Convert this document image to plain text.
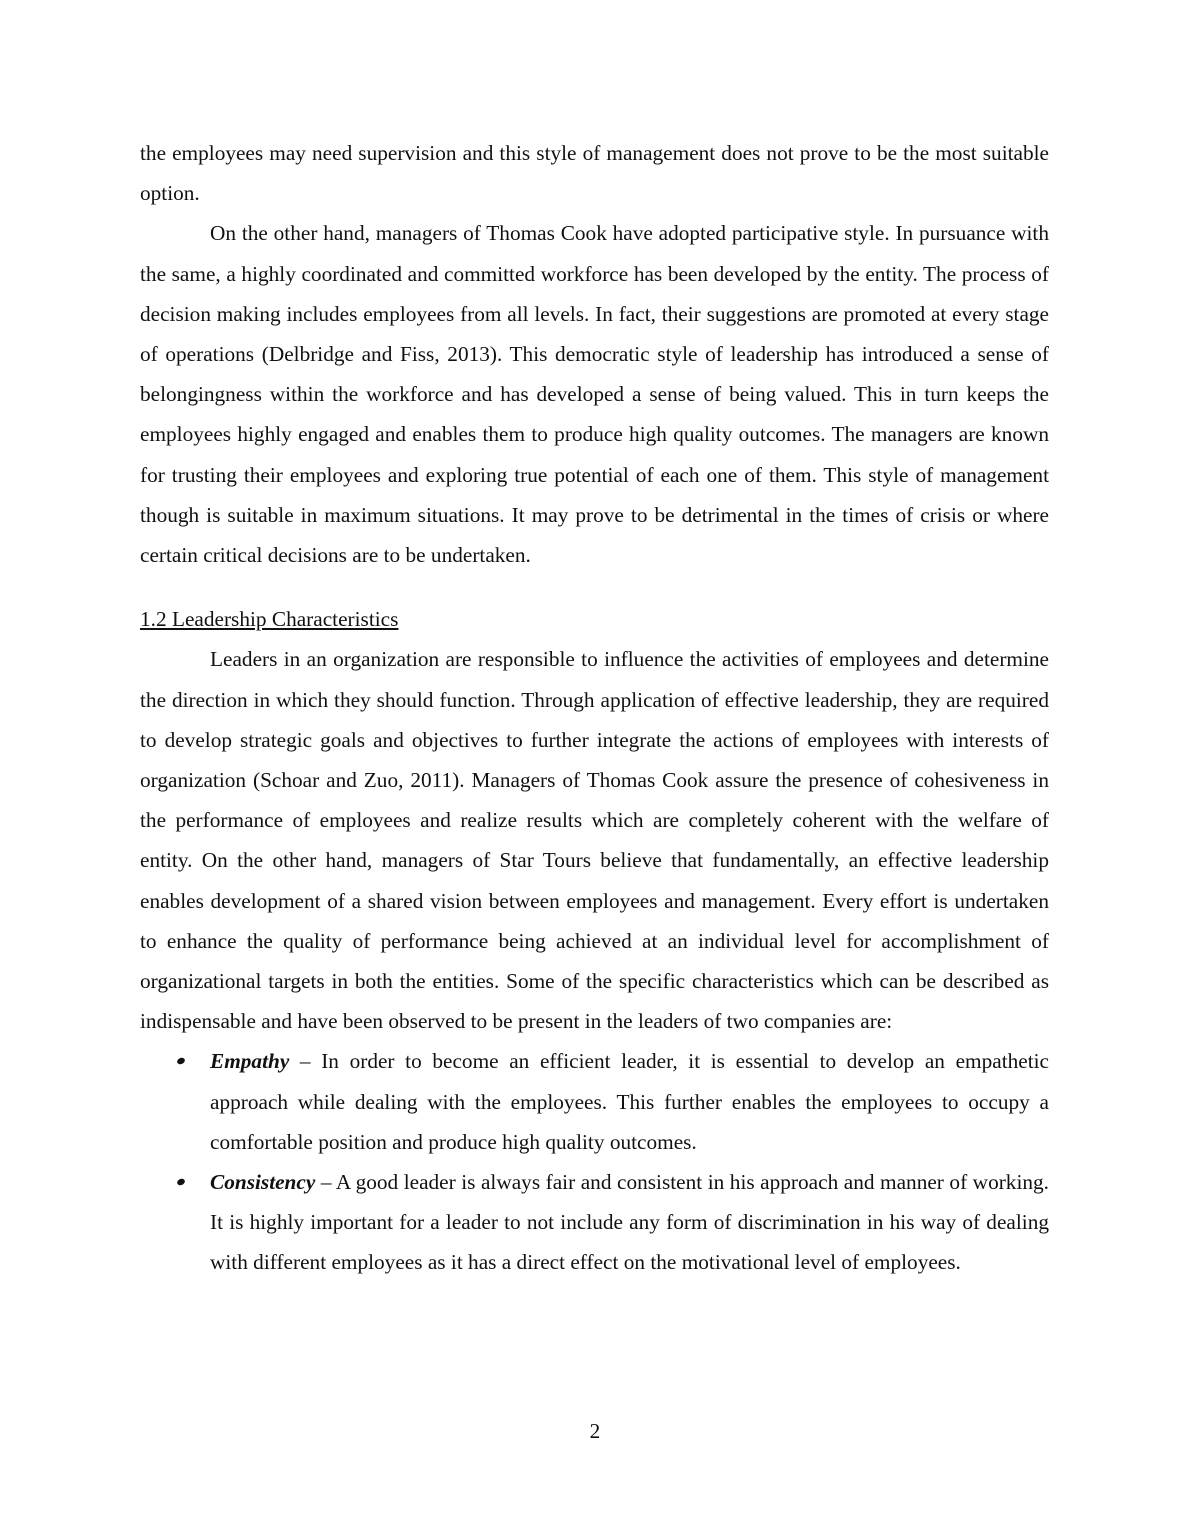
the employees may need supervision and this style of management does not prove to be the most suitable option.

On the other hand, managers of Thomas Cook have adopted participative style. In pursuance with the same, a highly coordinated and committed workforce has been developed by the entity. The process of decision making includes employees from all levels. In fact, their suggestions are promoted at every stage of operations (Delbridge and Fiss, 2013). This democratic style of leadership has introduced a sense of belongingness within the workforce and has developed a sense of being valued. This in turn keeps the employees highly engaged and enables them to produce high quality outcomes. The managers are known for trusting their employees and exploring true potential of each one of them. This style of management though is suitable in maximum situations. It may prove to be detrimental in the times of crisis or where certain critical decisions are to be undertaken.

1.2 Leadership Characteristics

Leaders in an organization are responsible to influence the activities of employees and determine the direction in which they should function. Through application of effective leadership, they are required to develop strategic goals and objectives to further integrate the actions of employees with interests of organization (Schoar and Zuo, 2011). Managers of Thomas Cook assure the presence of cohesiveness in the performance of employees and realize results which are completely coherent with the welfare of entity. On the other hand, managers of Star Tours believe that fundamentally, an effective leadership enables development of a shared vision between employees and management. Every effort is undertaken to enhance the quality of performance being achieved at an individual level for accomplishment of organizational targets in both the entities. Some of the specific characteristics which can be described as indispensable and have been observed to be present in the leaders of two companies are:

Empathy – In order to become an efficient leader, it is essential to develop an empathetic approach while dealing with the employees. This further enables the employees to occupy a comfortable position and produce high quality outcomes.
Consistency – A good leader is always fair and consistent in his approach and manner of working. It is highly important for a leader to not include any form of discrimination in his way of dealing with different employees as it has a direct effect on the motivational level of employees.
2
